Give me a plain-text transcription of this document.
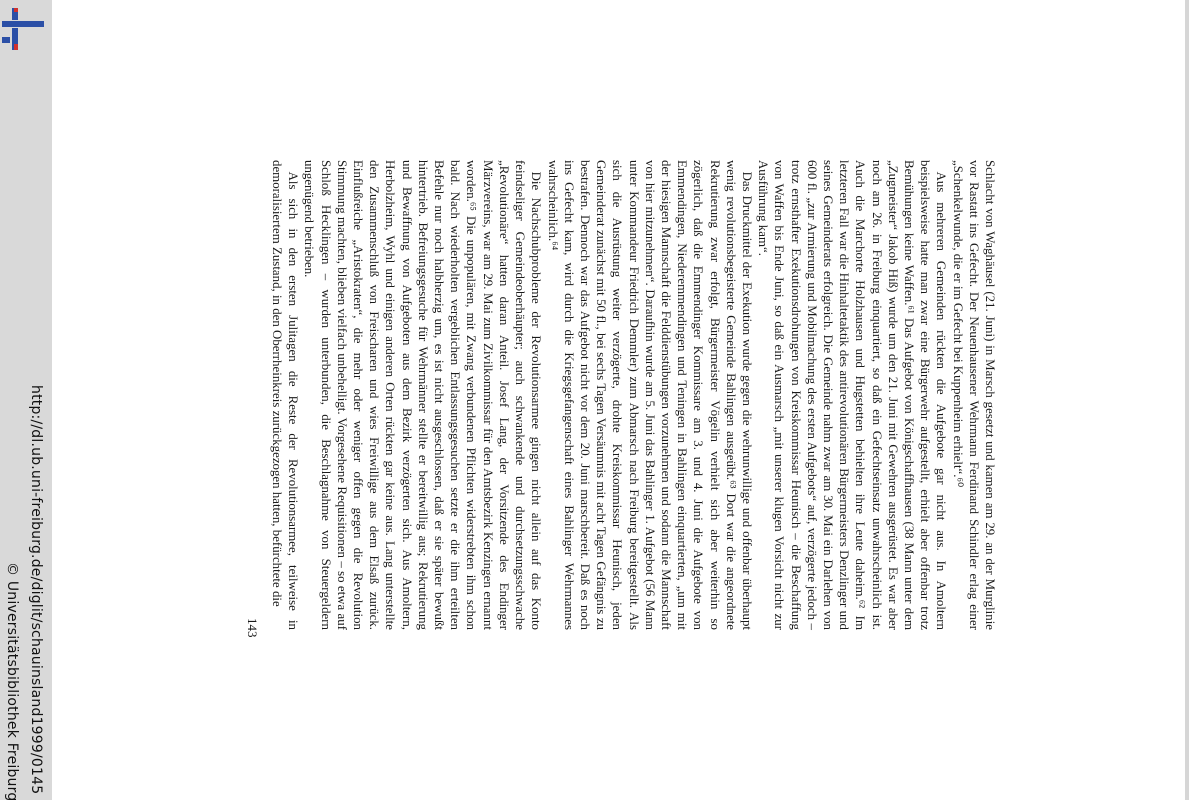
http://dl.ub.uni-freiburg.de/diglit/schauinsland1999/0145
© Universitätsbibliothek Freiburg

Schlacht von Waghäusel (21. Juni) in Marsch gesetzt und kamen am 29. an der Murglinie vor Rastatt ins Gefecht. Der Neuenhausener Wehrmann Ferdinand Schindler erlag einer „Schenkelwunde, die er im Gefecht bei Kuppenheim erhielt“.⁶⁰

Aus mehreren Gemeinden rückten die Aufgebote gar nicht aus. In Amoltern beispielsweise hatte man zwar eine Bürgerwehr aufgestellt, erhielt aber offenbar trotz Bemühungen keine Waffen.⁶¹ Das Aufgebot von Königschaffhausen (38 Mann unter dem „Zugmeister“ Jakob Hiß) wurde um den 21. Juni mit Gewehren ausgerüstet. Es war aber noch am 26. in Freiburg einquartiert, so daß ein Gefechtseinsatz unwahrscheinlich ist. Auch die Marchorte Holzhausen und Hugstetten behielten ihre Leute daheim.⁶² Im letzteren Fall war die Hinhaltetaktik des antirevolutionären Bürgermeisters Denzlinger und seines Gemeinderats erfolgreich. Die Gemeinde nahm zwar am 30. Mai ein Darlehen von 600 fl. „zur Armierung und Mobilmachung des ersten Aufgebots“ auf, verzögerte jedoch – trotz ernsthafter Exekutionsdrohungen von Kreiskommissar Heunisch – die Beschaffung von Waffen bis Ende Juni, so daß ein Ausmarsch „mit unserer klugen Vorsicht nicht zur Ausführung kam“.

Das Druckmittel der Exekution wurde gegen die wehrunwillige und offenbar überhaupt wenig revolutionsbegeisterte Gemeinde Bahlingen ausgeübt.⁶³ Dort war die angeordnete Rekrutierung zwar erfolgt, Bürgermeister Vögelin verhielt sich aber weiterhin so zögerlich, daß die Emmendinger Kommissare am 3. und 4. Juni die Aufgebote von Emmendingen, Niederemmendingen und Teningen in Bahlingen einquartierten, „um mit der hiesigen Mannschaft die Felddienstübungen vorzunehmen und sodann die Mannschaft von hier mitzunehmen“. Daraufhin wurde am 5. Juni das Bahlinger 1. Aufgebot (56 Mann unter Kommandeur Friedrich Demmler) zum Abmarsch nach Freiburg bereitgestellt. Als sich die Ausrüstung weiter verzögerte, drohte Kreiskommissar Heunisch, jeden Gemeinderat zunächst mit 50 fl., bei sechs Tagen Versäumnis mit acht Tagen Gefängnis zu bestrafen. Dennoch war das Aufgebot nicht vor dem 20. Juni marschbereit. Daß es noch ins Gefecht kam, wird durch die Kriegsgefangenschaft eines Bahlinger Wehrmannes wahrscheinlich.⁶⁴

Die Nachschubprobleme der Revolutionsarmee gingen nicht allein auf das Konto feindseliger Gemeindeoberhäupter; auch schwankende und durchsetzungsschwache „Revolutionäre“ hatten daran Anteil. Josef Lang, der Vorsitzende des Endinger Märzvereins, war am 29. Mai zum Zivilkommissar für den Amtsbezirk Kenzingen ernannt worden.⁶⁵ Die unpopulären, mit Zwang verbundenen Pflichten widerstrebten ihm schon bald. Nach wiederholten vergeblichen Entlassungsgesuchen setzte er die ihm erteilten Befehle nur noch halbherzig um, es ist nicht ausgeschlossen, daß er sie später bewußt hintertrieb. Befreiungsgesuche für Wehrmänner stellte er bereitwillig aus; Rekrutierung und Bewaffnung von Aufgeboten aus dem Bezirk verzögerten sich. Aus Amoltern, Herbolzheim, Wyhl und einigen anderen Orten rückten gar keine aus. Lang unterstellte den Zusammenschluß von Freischaren und wies Freiwillige aus dem Elsaß zurück. Einflußreiche „Aristokraten“, die mehr oder weniger offen gegen die Revolution Stimmung machten, blieben vielfach unbehelligt. Vorgesehene Requisitionen – so etwa auf Schloß Hecklingen – wurden unterbunden, die Beschlagnahme von Steuergeldern ungenügend betrieben.

Als sich in den ersten Julitagen die Reste der Revolutionsarmee, teilweise in demoralisiertem Zustand, in den Oberrheinkreis zurückgezogen hatten, befürchtete die

143
